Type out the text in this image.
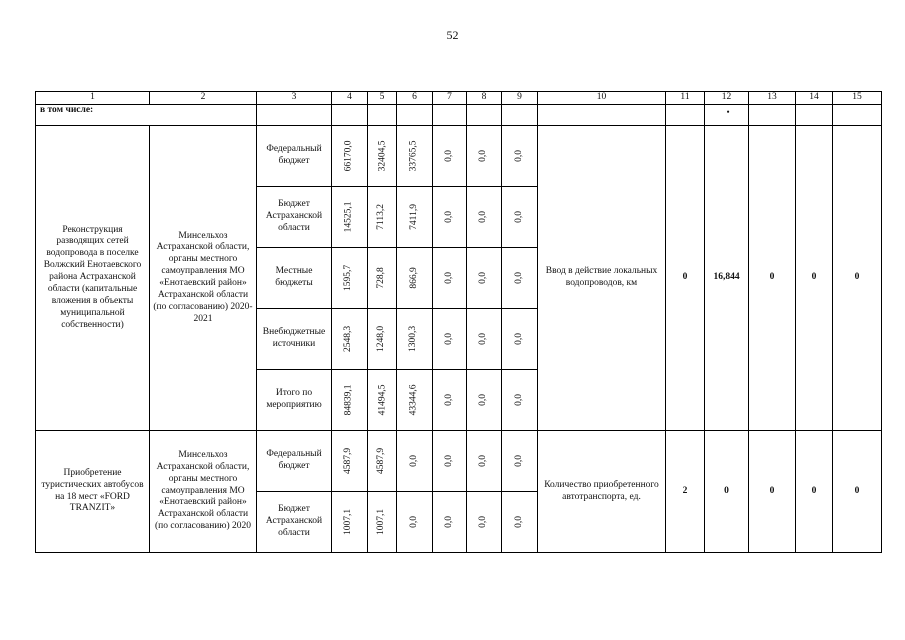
52
1	2	3	4	5	6	7	8	9	10	11	12	13	14	15
в том числе:											•			

Реконструкция разводящих сетей водопровода в поселке Волжский Енотаевского района Астраханской области (капитальные вложения в объекты муниципальной собственности)	Минсельхоз Астраханской области, органы местного самоуправления МО «Енотаевский район» Астраханской области (по согласованию) 2020-2021	Федеральный бюджет	66170,0	32404,5	33765,5	0,0	0,0	0,0	Ввод в действие локальных водопроводов, км	0	16,844	0	0	0
		Бюджет Астраханской области	14525,1	7113,2	7411,9	0,0	0,0	0,0						
		Местные бюджеты	1595,7	728,8	866,9	0,0	0,0	0,0						
		Внебюджетные источники	2548,3	1248,0	1300,3	0,0	0,0	0,0						
		Итого по мероприятию	84839,1	41494,5	43344,6	0,0	0,0	0,0						
Приобретение туристических автобусов на 18 мест «FORD TRANZIT»	Минсельхоз Астраханской области, органы местного самоуправления МО «Енотаевский район» Астраханской области (по согласованию) 2020	Федеральный бюджет	4587,9	4587,9	0,0	0,0	0,0	0,0	Количество приобретенного автотранспорта, ед.	2	0	0	0	0
		Бюджет Астраханской области	1007,1	1007,1	0,0	0,0	0,0	0,0						
